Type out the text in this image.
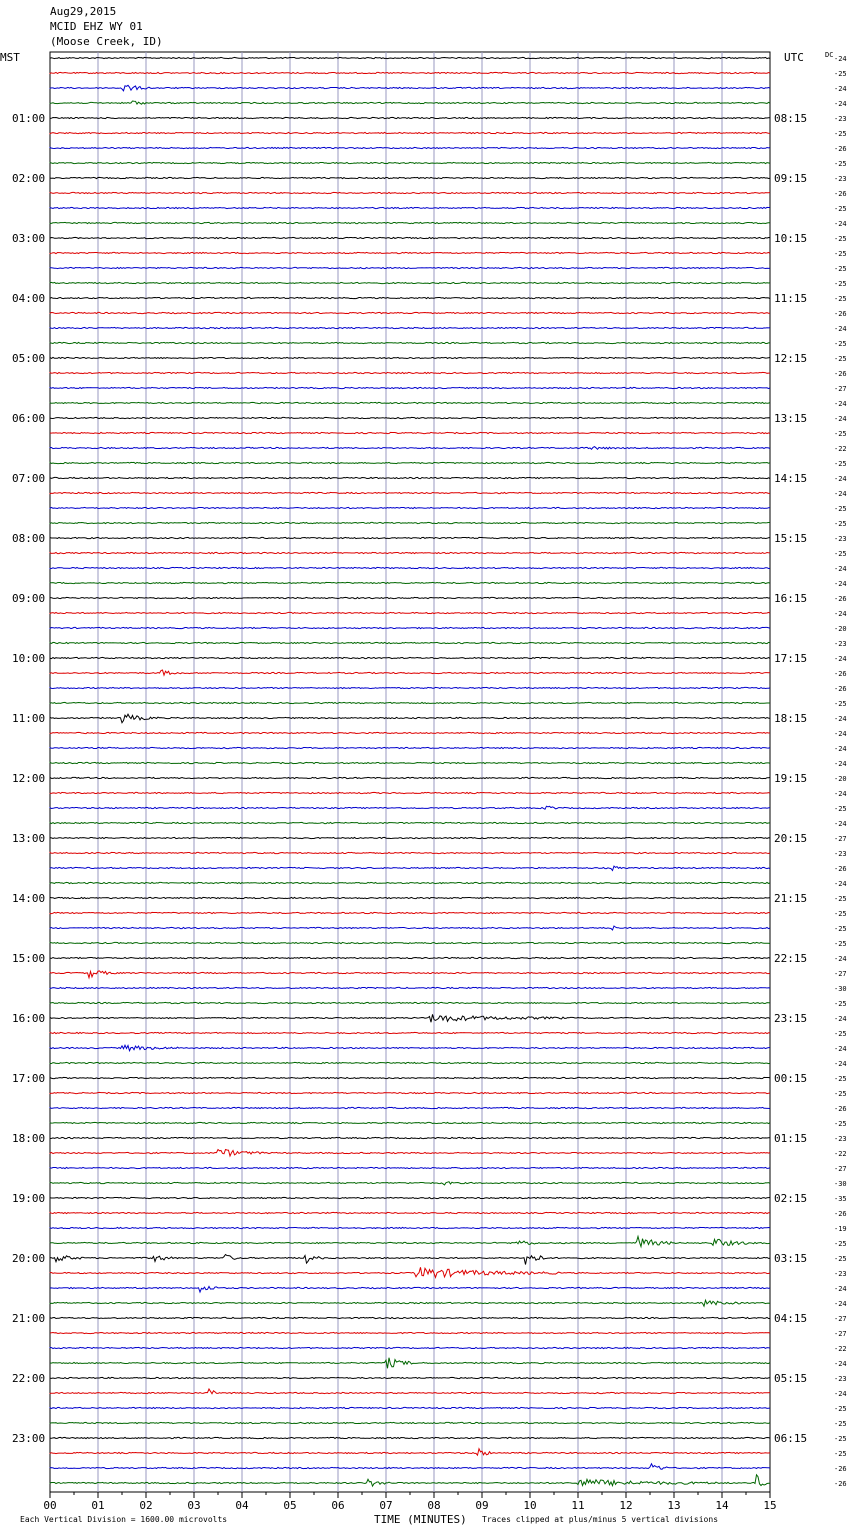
Aug29,2015
MCID EHZ WY 01
(Moose Creek, ID)
MST	UTC	DC
01:00
02:00
03:00
04:00
05:00
06:00
07:00
08:00
09:00
10:00
11:00
12:00
13:00
14:00
15:00
16:00
17:00
18:00
19:00
20:00
21:00
22:00
23:00
08:15
09:15
10:15
11:15
12:15
13:15
14:15
15:15
16:15
17:15
18:15
19:15
20:15
21:15
22:15
23:15
00:15
01:15
02:15
03:15
04:15
05:15
06:15
-24
-25
-24
-24
-23
-25
-26
-25
-23
-26
-25
-24
-25
-25
-25
-25
-25
-26
-24
-25
-25
-26
-27
-24
-24
-25
-22
-25
-24
-24
-25
-25
-23
-25
-24
-24
-26
-24
-20
-23
-24
-26
-26
-25
-24
-24
-24
-24
-20
-24
-25
-24
-27
-23
-26
-24
-25
-25
-25
-25
-24
-27
-30
-25
-24
-25
-24
-24
-25
-25
-26
-25
-23
-22
-27
-30
-35
-26
-19
-25
-25
-23
-24
-24
-27
-27
-22
-24
-23
-24
-25
-25
-25
-25
-26
-26
00	01	02	03	04	05	06	07	08	09	10	11	12	13	14	15
TIME (MINUTES)
Each Vertical Division = 1600.00 microvolts	Traces clipped at plus/minus 5 vertical divisions
